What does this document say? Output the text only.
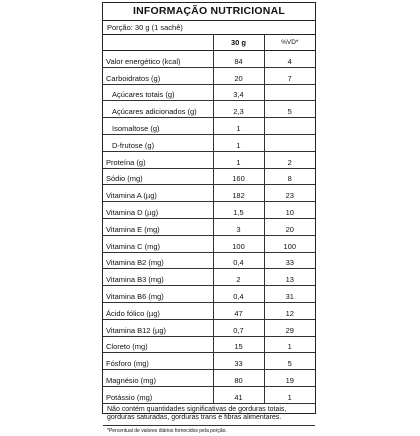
INFORMAÇÃO NUTRICIONAL
Porção: 30 g (1 sachê)
	30 g	%VD*
Valor energético (kcal)	84	4
Carboidratos (g)	20	7
Açúcares totais (g)	3,4	
Açúcares adicionados (g)	2,3	5
Isomaltose (g)	1	
D-frutose (g)	1	
Proteína (g)	1	2
Sódio (mg)	160	8
Vitamina A (µg)	182	23
Vitamina D (µg)	1,5	10
Vitamina E (mg)	3	20
Vitamina C (mg)	100	100
Vitamina B2 (mg)	0,4	33
Vitamina B3 (mg)	2	13
Vitamina B6 (mg)	0,4	31
Ácido fólico (µg)	47	12
Vitamina B12 (µg)	0,7	29
Cloreto (mg)	15	1
Fósforo (mg)	33	5
Magnésio (mg)	80	19
Potássio (mg)	41	1
Não contém quantidades significativas de gorduras totais, gorduras saturadas, gorduras trans e fibras alimentares.
*Percentual de valores diários fornecidos pela porção.
